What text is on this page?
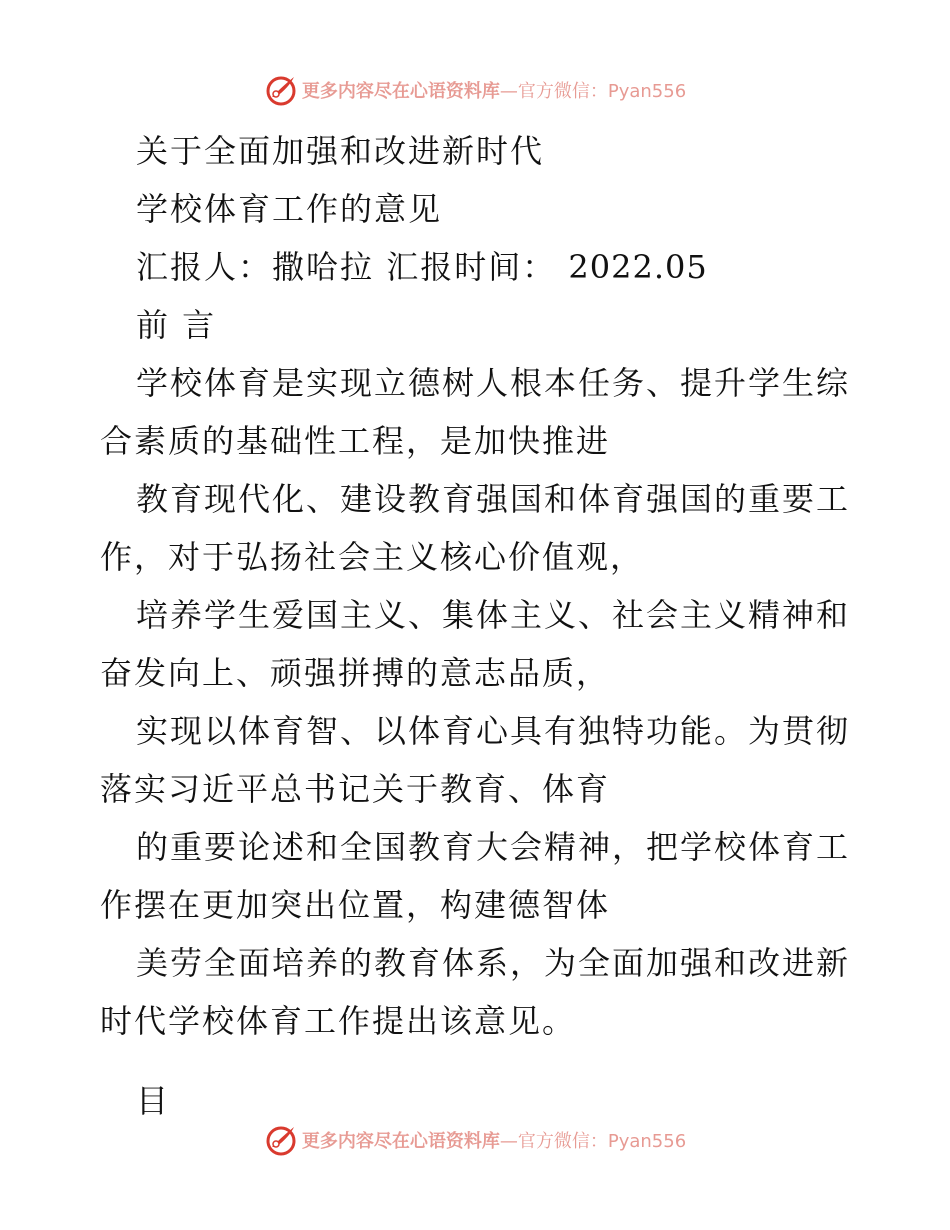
更多内容尽在心语资料库 —官方微信：Pyan556
关于全面加强和改进新时代
学校体育工作的意见
汇报人：撒哈拉 汇报时间： 2022.05
前 言
学校体育是实现立德树人根本任务、提升学生综
合素质的基础性工程，是加快推进
教育现代化、建设教育强国和体育强国的重要工
作，对于弘扬社会主义核心价值观，
培养学生爱国主义、集体主义、社会主义精神和
奋发向上、顽强拼搏的意志品质，
实现以体育智、以体育心具有独特功能。为贯彻
落实习近平总书记关于教育、体育
的重要论述和全国教育大会精神，把学校体育工
作摆在更加突出位置，构建德智体
美劳全面培养的教育体系，为全面加强和改进新
时代学校体育工作提出该意见。
目
更多内容尽在心语资料库 —官方微信：Pyan556
